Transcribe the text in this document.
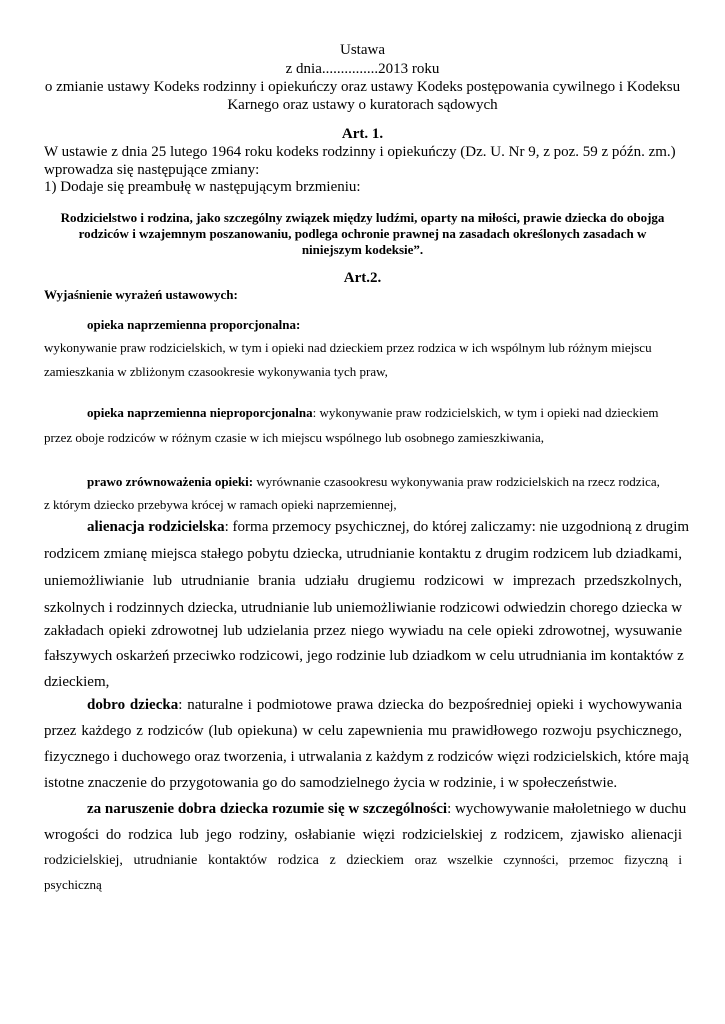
Ustawa
z dnia...............2013 roku
o zmianie ustawy Kodeks rodzinny i opiekuńczy oraz ustawy Kodeks postępowania cywilnego i Kodeksu
Karnego oraz ustawy o kuratorach sądowych
Art. 1.
W ustawie z dnia 25 lutego 1964 roku kodeks rodzinny i opiekuńczy (Dz. U. Nr 9, z poz. 59 z późn. zm.)
wprowadza się następujące zmiany:
1) Dodaje się preambułę w następującym brzmieniu:
Rodzicielstwo i rodzina, jako szczególny związek między ludźmi, oparty na miłości, prawie dziecka do obojga
rodziców i wzajemnym poszanowaniu, podlega ochronie prawnej na zasadach określonych zasadach w
niniejszym kodeksie”.
Art.2.
Wyjaśnienie wyrażeń ustawowych:
opieka naprzemienna proporcjonalna:
wykonywanie praw rodzicielskich, w tym i opieki nad dzieckiem przez rodzica w ich wspólnym lub różnym miejscu
zamieszkania w zbliżonym czasookresie wykonywania tych praw,
opieka naprzemienna nieproporcjonalna: wykonywanie praw rodzicielskich, w tym i opieki nad dzieckiem
przez oboje rodziców w różnym czasie w ich miejscu wspólnego lub osobnego zamieszkiwania,
prawo zrównoważenia opieki: wyrównanie czasookresu wykonywania praw rodzicielskich na rzecz rodzica,
z którym dziecko przebywa krócej w ramach opieki naprzemiennej,
alienacja rodzicielska: forma przemocy psychicznej, do której zaliczamy: nie uzgodnioną z drugim
rodzicem zmianę miejsca stałego pobytu dziecka, utrudnianie kontaktu z drugim rodzicem lub dziadkami,
uniemożliwianie lub utrudnianie brania udziału drugiemu rodzicowi w imprezach przedszkolnych,
szkolnych i rodzinnych dziecka, utrudnianie lub uniemożliwianie rodzicowi odwiedzin chorego dziecka w
zakładach opieki zdrowotnej lub udzielania przez niego wywiadu na cele opieki zdrowotnej, wysuwanie
fałszywych oskarżeń przeciwko rodzicowi, jego rodzinie lub dziadkom w celu utrudniania im kontaktów z
dzieckiem,
dobro dziecka: naturalne i podmiotowe prawa dziecka do bezpośredniej opieki i wychowywania
przez każdego z rodziców (lub opiekuna) w celu zapewnienia mu prawidłowego rozwoju psychicznego,
fizycznego i duchowego oraz tworzenia, i utrwalania z każdym z rodziców więzi rodzicielskich, które mają
istotne znaczenie do przygotowania go do samodzielnego życia w rodzinie, i w społeczeństwie.
za naruszenie dobra dziecka rozumie się w szczególności: wychowywanie małoletniego w duchu
wrogości do rodzica lub jego rodziny, osłabianie więzi rodzicielskiej z rodzicem, zjawisko alienacji
rodzicielskiej, utrudnianie kontaktów rodzica z dzieckiem oraz wszelkie czynności, przemoc fizyczną i
psychiczną
